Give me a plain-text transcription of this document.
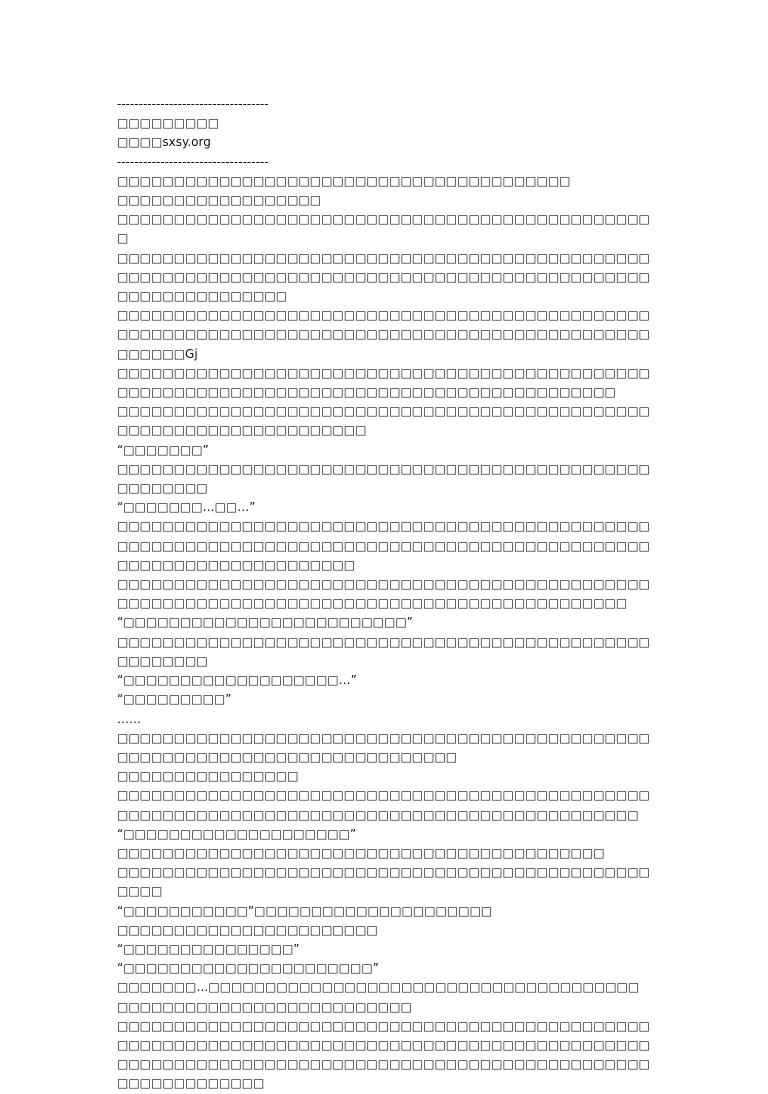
-----------------------------------
□□□□□□□□□
□□□□sxsy.org
-----------------------------------
□□□□□□□□□□□□□□□□□□□□□□□□□□□□□□□□□□□□□□□□
□□□□□□□□□□□□□□□□□□
□□□□□□□□□□□□□□□□□□□□□□□□□□□□□□□□□□□□□□□□□□□□□□□□
□□□□□□□□□□□□□□□□□□□□□□□□□□□□□□□□□□□□□□□□□□□□□□□□□□□□□□□□□□□□□□□□□□□□□□□□□□□□□□□□□□□□□□□□□□□□□□□□□□□□□□□□□□□□□
□□□□□□□□□□□□□□□□□□□□□□□□□□□□□□□□□□□□□□□□□□□□□□□□□□□□□□□□□□□□□□□□□□□□□□□□□□□□□□□□□□□□□□□□□□□□□□□□□□□□Gj
□□□□□□□□□□□□□□□□□□□□□□□□□□□□□□□□□□□□□□□□□□□□□□□□□□□□□□□□□□□□□□□□□□□□□□□□□□□□□□□□□□□□□□□□□□□
□□□□□□□□□□□□□□□□□□□□□□□□□□□□□□□□□□□□□□□□□□□□□□□□□□□□□□□□□□□□□□□□□□□□□
“□□□□□□□”
□□□□□□□□□□□□□□□□□□□□□□□□□□□□□□□□□□□□□□□□□□□□□□□□□□□□□□□
“□□□□□□□…□□…”
□□□□□□□□□□□□□□□□□□□□□□□□□□□□□□□□□□□□□□□□□□□□□□□□□□□□□□□□□□□□□□□□□□□□□□□□□□□□□□□□□□□□□□□□□□□□□□□□□□□□□□□□□□□□□□□□□□□
□□□□□□□□□□□□□□□□□□□□□□□□□□□□□□□□□□□□□□□□□□□□□□□□□□□□□□□□□□□□□□□□□□□□□□□□□□□□□□□□□□□□□□□□□□□□
“□□□□□□□□□□□□□□□□□□□□□□□□□”
□□□□□□□□□□□□□□□□□□□□□□□□□□□□□□□□□□□□□□□□□□□□□□□□□□□□□□□
“□□□□□□□□□□□□□□□□□□□…”
“□□□□□□□□□”
……
□□□□□□□□□□□□□□□□□□□□□□□□□□□□□□□□□□□□□□□□□□□□□□□□□□□□□□□□□□□□□□□□□□□□□□□□□□□□□
□□□□□□□□□□□□□□□□
□□□□□□□□□□□□□□□□□□□□□□□□□□□□□□□□□□□□□□□□□□□□□□□□□□□□□□□□□□□□□□□□□□□□□□□□□□□□□□□□□□□□□□□□□□□□□
“□□□□□□□□□□□□□□□□□□□□”
□□□□□□□□□□□□□□□□□□□□□□□□□□□□□□□□□□□□□□□□□□□
□□□□□□□□□□□□□□□□□□□□□□□□□□□□□□□□□□□□□□□□□□□□□□□□□□□
“□□□□□□□□□□□”□□□□□□□□□□□□□□□□□□□□□
□□□□□□□□□□□□□□□□□□□□□□□
“□□□□□□□□□□□□□□□”
“□□□□□□□□□□□□□□□□□□□□□□”
□□□□□□□…□□□□□□□□□□□□□□□□□□□□□□□□□□□□□□□□□□□□□□□□□□□□□□□□□□□□□□□□□□□□□□□□
□□□□□□□□□□□□□□□□□□□□□□□□□□□□□□□□□□□□□□□□□□□□□□□□□□□□□□□□□□□□□□□□□□□□□□□□□□□□□□□□□□□□□□□□□□□□□□□□□□□□□□□□□□□□□□□□□□□□□□□□□□□□□□□□□□□□□□□□□□□□□□□□□□□□□□□□□□
